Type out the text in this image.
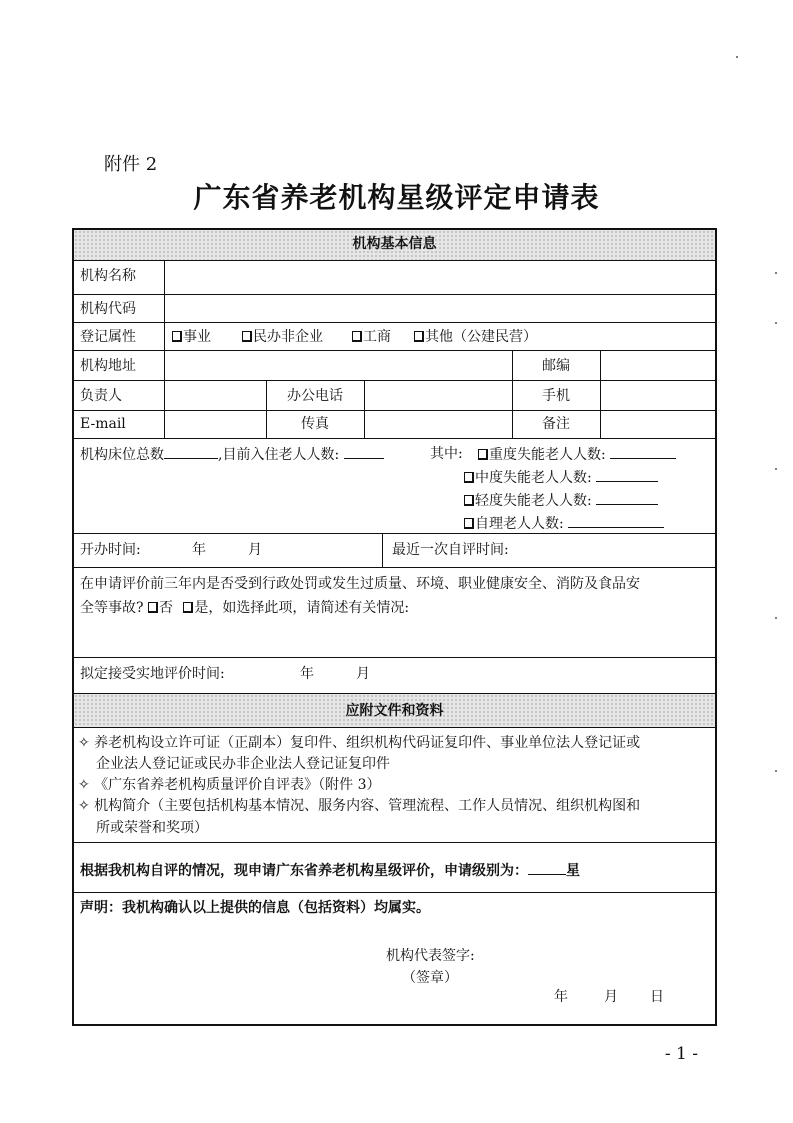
附件 2
广东省养老机构星级评定申请表
机构基本信息
机构名称
机构代码
登记属性	事业	民办非企业	工商	其他（公建民营）
机构地址	邮编
负责人	办公电话	手机
E-mail	传真	备注
机构床位总数	,目前入住老人人数:	其中:	重度失能老人人数:
中度失能老人人数:
轻度失能老人人数:
自理老人人数:
开办时间:	年	月	最近一次自评时间:
在申请评价前三年内是否受到行政处罚或发生过质量、环境、职业健康安全、消防及食品安
全等事故? 否 是，如选择此项，请简述有关情况:
拟定接受实地评价时间:	年	月
应附文件和资料
✧ 养老机构设立许可证（正副本）复印件、组织机构代码证复印件、事业单位法人登记证或
企业法人登记证或民办非企业法人登记证复印件
✧ 《广东省养老机构质量评价自评表》（附件 3）
✧ 机构简介（主要包括机构基本情况、服务内容、管理流程、工作人员情况、组织机构图和
所或荣誉和奖项）
根据我机构自评的情况，现申请广东省养老机构星级评价，申请级别为：	星
声明：我机构确认以上提供的信息（包括资料）均属实。
机构代表签字:
（签章）
年	月 日
- 1 -
